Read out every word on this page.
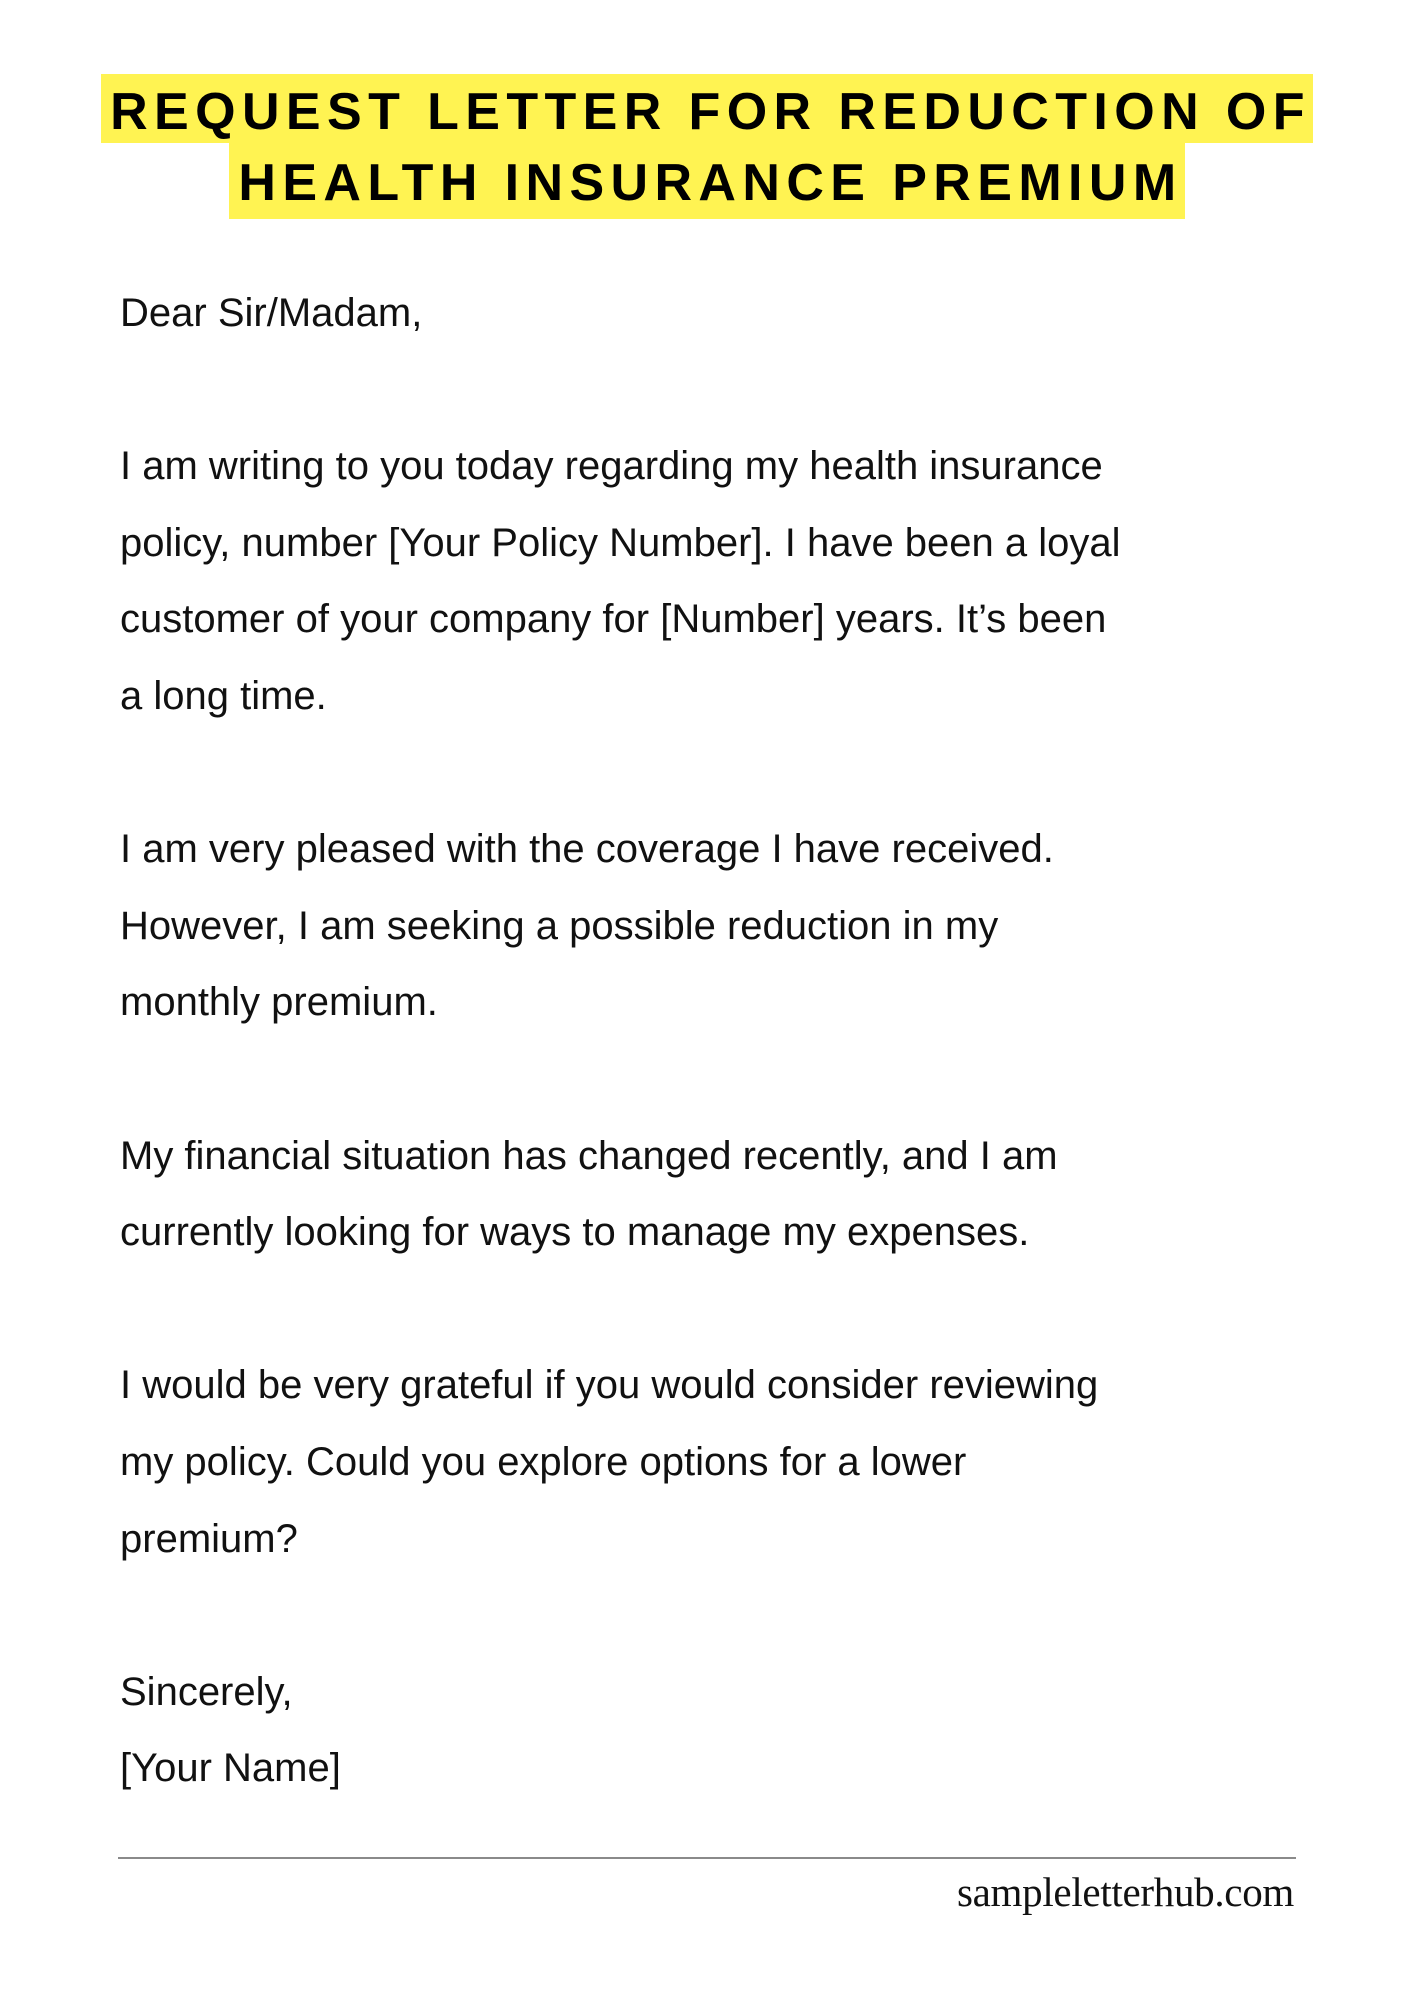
REQUEST LETTER FOR REDUCTION OF
HEALTH INSURANCE PREMIUM

Dear Sir/Madam,

I am writing to you today regarding my health insurance
policy, number [Your Policy Number]. I have been a loyal
customer of your company for [Number] years. It’s been
a long time.

I am very pleased with the coverage I have received.
However, I am seeking a possible reduction in my
monthly premium.

My financial situation has changed recently, and I am
currently looking for ways to manage my expenses.

I would be very grateful if you would consider reviewing
my policy. Could you explore options for a lower
premium?

Sincerely,
[Your Name]

sampleletterhub.com
